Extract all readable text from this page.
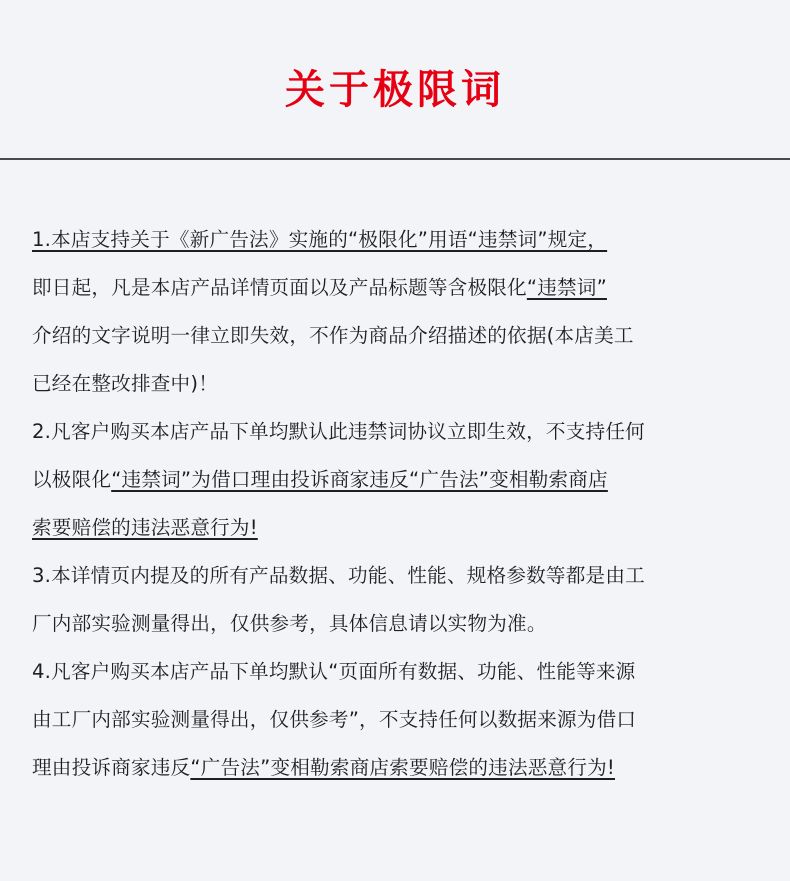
关于极限词
1.本店支持关于《新广告法》实施的“极限化”用语“违禁词”规定，
即日起，凡是本店产品详情页面以及产品标题等含极限化“违禁词”
介绍的文字说明一律立即失效，不作为商品介绍描述的依据(本店美工
已经在整改排查中)！
2.凡客户购买本店产品下单均默认此违禁词协议立即生效，不支持任何
以极限化“违禁词”为借口理由投诉商家违反“广告法”变相勒索商店
索要赔偿的违法恶意行为!
3.本详情页内提及的所有产品数据、功能、性能、规格参数等都是由工
厂内部实验测量得出，仅供参考，具体信息请以实物为准。
4.凡客户购买本店产品下单均默认“页面所有数据、功能、性能等来源
由工厂内部实验测量得出，仅供参考”，不支持任何以数据来源为借口
理由投诉商家违反“广告法”变相勒索商店索要赔偿的违法恶意行为!
